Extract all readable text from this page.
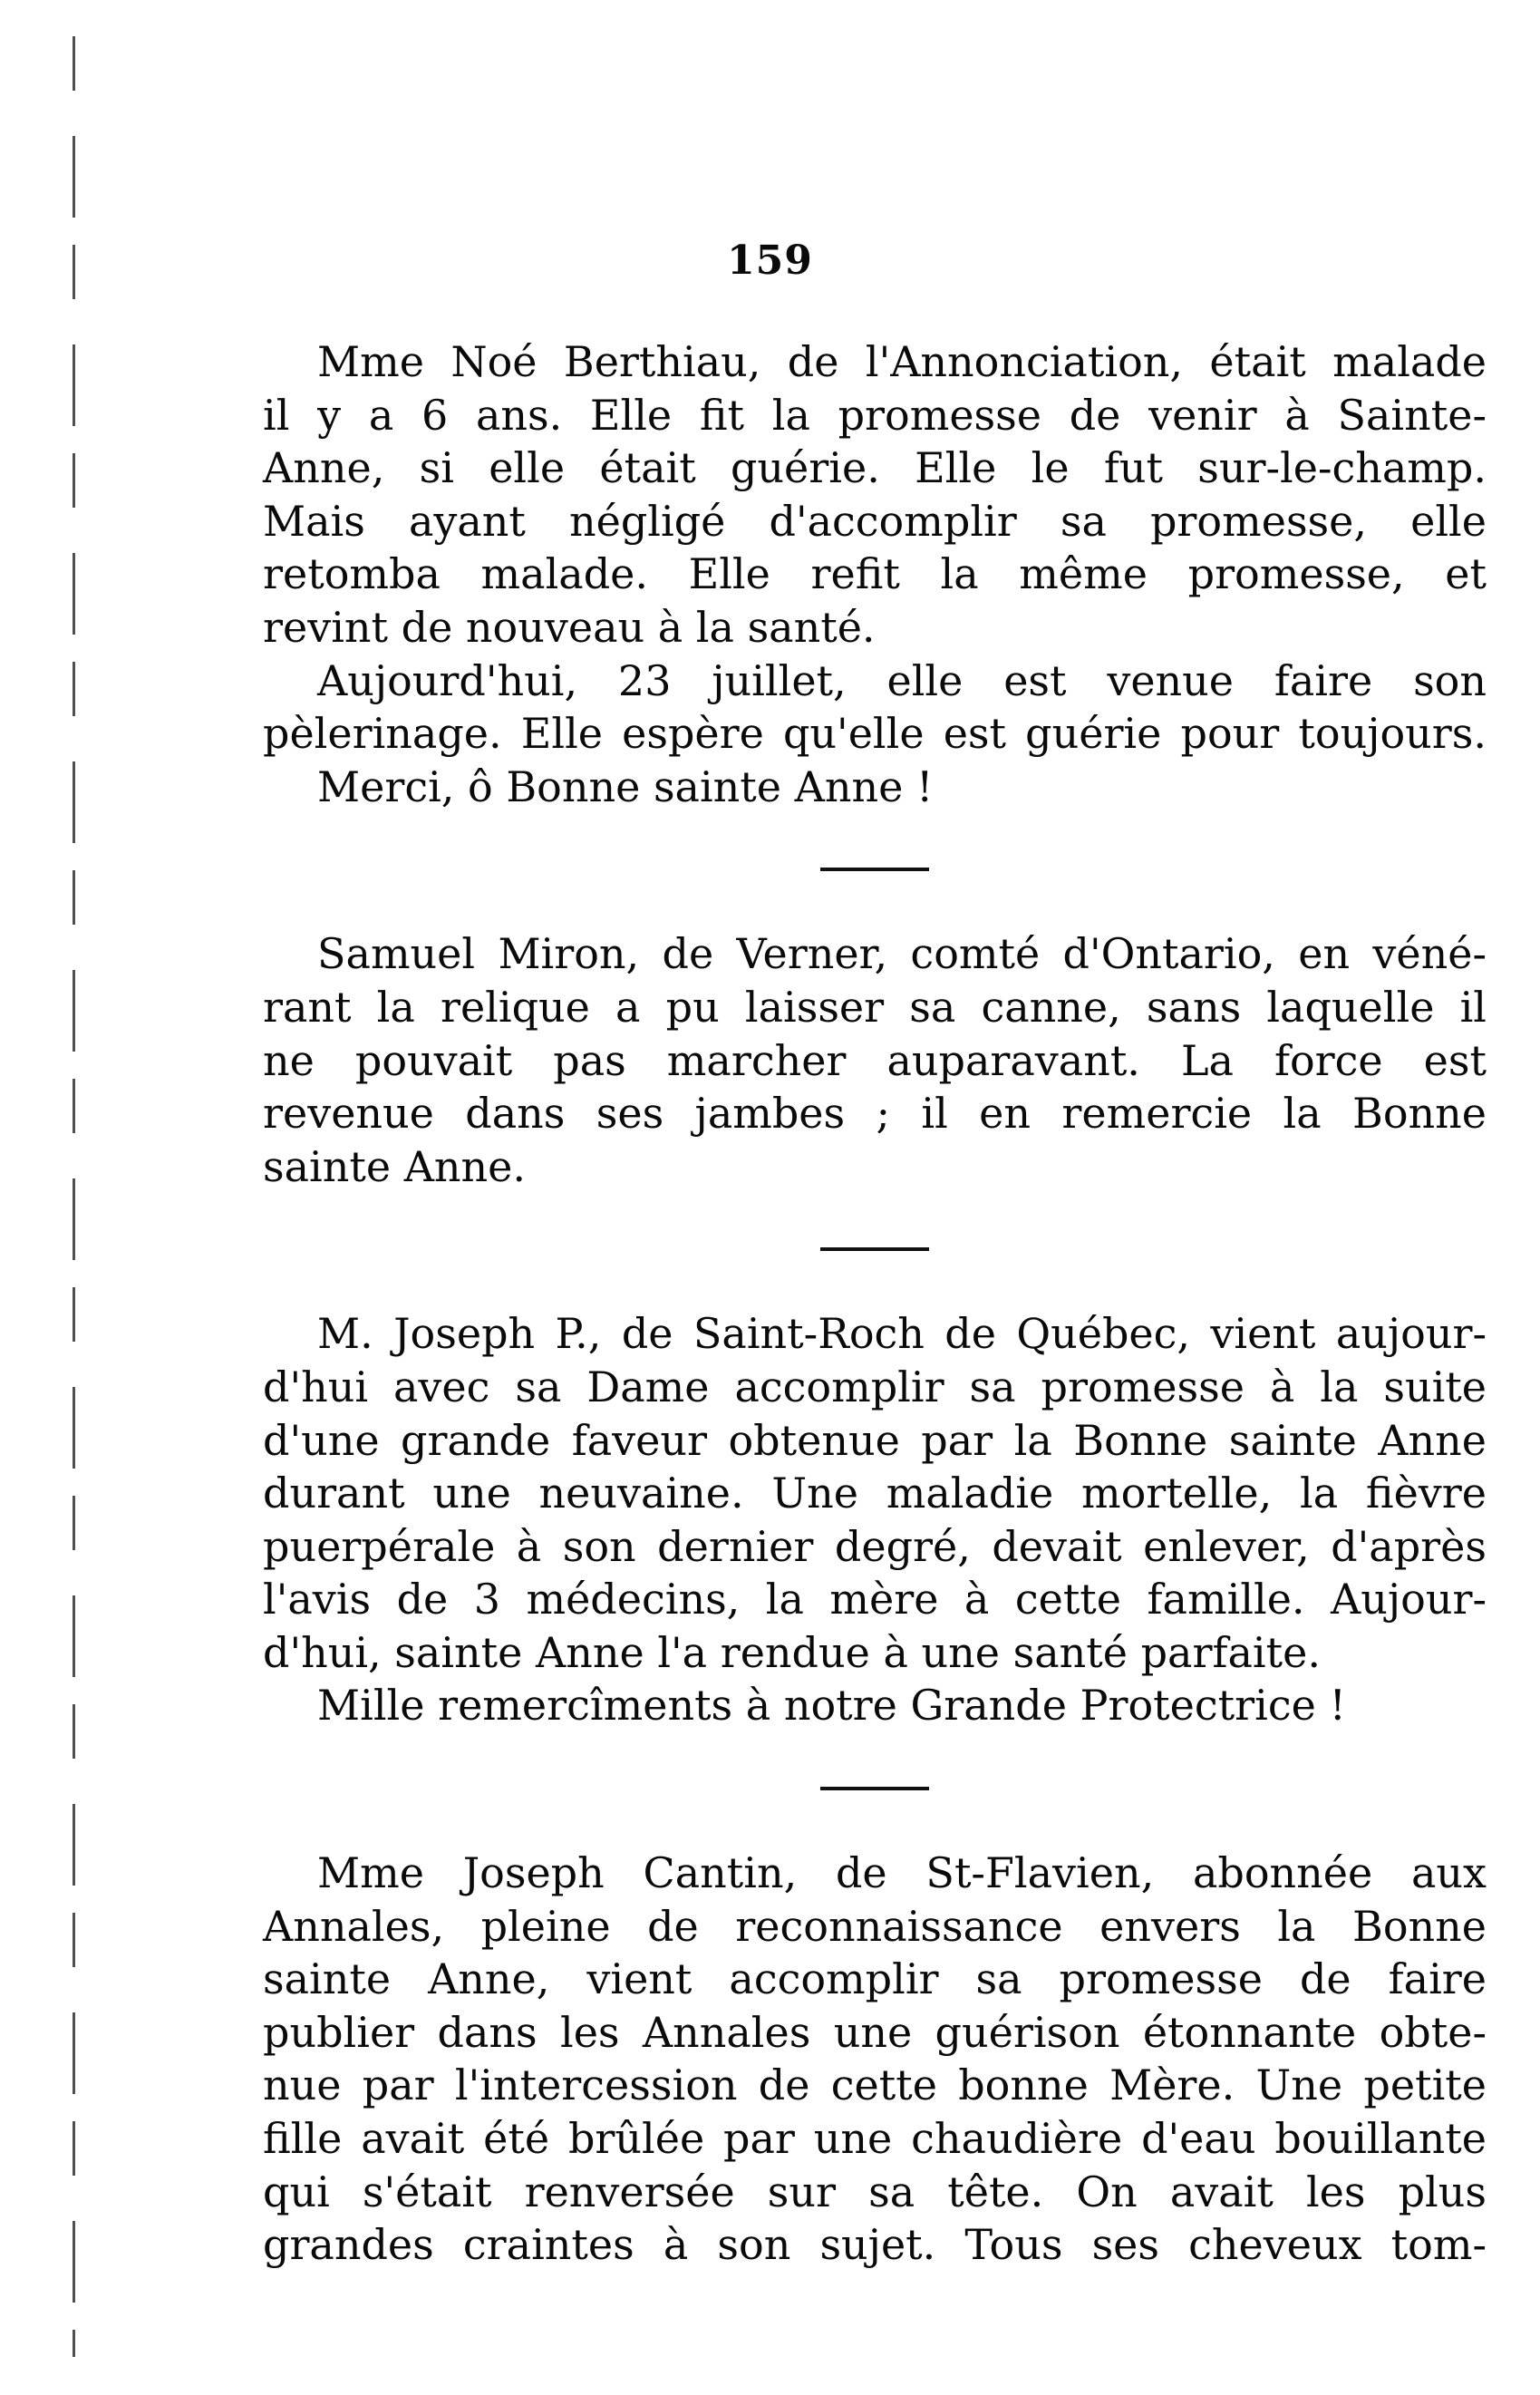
159
Mme Noé Berthiau, de l'Annonciation, était malade
il y a 6 ans. Elle fit la promesse de venir à Sainte-
Anne, si elle était guérie. Elle le fut sur-le-champ.
Mais ayant négligé d'accomplir sa promesse, elle
retomba malade. Elle refit la même promesse, et
revint de nouveau à la santé.
Aujourd'hui, 23 juillet, elle est venue faire son
pèlerinage. Elle espère qu'elle est guérie pour toujours.
Merci, ô Bonne sainte Anne !
Samuel Miron, de Verner, comté d'Ontario, en véné-
rant la relique a pu laisser sa canne, sans laquelle il
ne pouvait pas marcher auparavant. La force est
revenue dans ses jambes ; il en remercie la Bonne
sainte Anne.
M. Joseph P., de Saint-Roch de Québec, vient aujour-
d'hui avec sa Dame accomplir sa promesse à la suite
d'une grande faveur obtenue par la Bonne sainte Anne
durant une neuvaine. Une maladie mortelle, la fièvre
puerpérale à son dernier degré, devait enlever, d'après
l'avis de 3 médecins, la mère à cette famille. Aujour-
d'hui, sainte Anne l'a rendue à une santé parfaite.
Mille remercîments à notre Grande Protectrice !
Mme Joseph Cantin, de St-Flavien, abonnée aux
Annales, pleine de reconnaissance envers la Bonne
sainte Anne, vient accomplir sa promesse de faire
publier dans les Annales une guérison étonnante obte-
nue par l'intercession de cette bonne Mère. Une petite
fille avait été brûlée par une chaudière d'eau bouillante
qui s'était renversée sur sa tête. On avait les plus
grandes craintes à son sujet. Tous ses cheveux tom-
